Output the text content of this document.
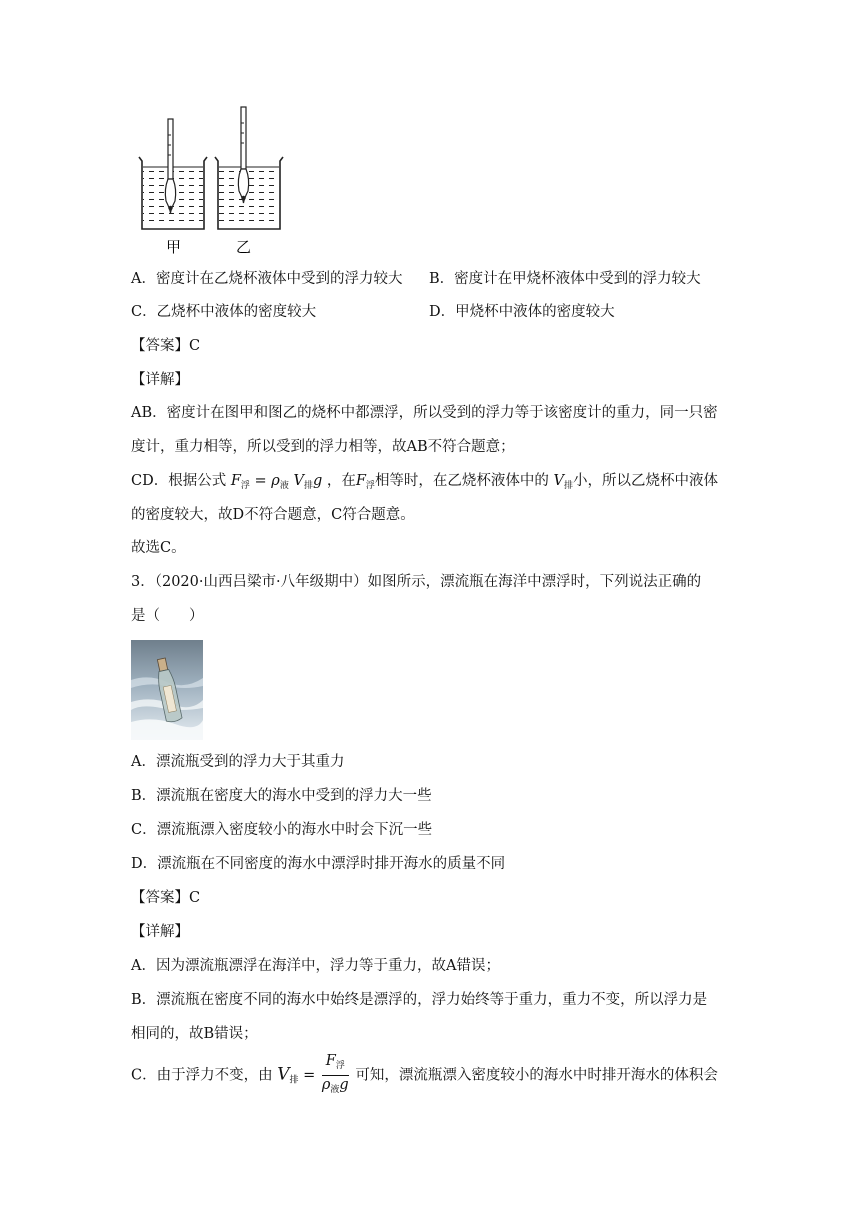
甲	乙
A．密度计在乙烧杯液体中受到的浮力较大 B．密度计在甲烧杯液体中受到的浮力较大
C．乙烧杯中液体的密度较大	D．甲烧杯中液体的密度较大
【答案】C
【详解】
AB．密度计在图甲和图乙的烧杯中都漂浮，所以受到的浮力等于该密度计的重力，同一只密
度计，重力相等，所以受到的浮力相等，故AB不符合题意；
CD．根据公式 $F_浮 = \rho_液$ $V_排g$ ，在$F_浮$相等时，在乙烧杯液体中的 $V_排$小，所以乙烧杯中液体
的密度较大，故D不符合题意，C符合题意。
故选C。
3．（2020·山西吕梁市·八年级期中）如图所示，漂流瓶在海洋中漂浮时，下列说法正确的
是（　　）
A．漂流瓶受到的浮力大于其重力
B．漂流瓶在密度大的海水中受到的浮力大一些
C．漂流瓶漂入密度较小的海水中时会下沉一些
D．漂流瓶在不同密度的海水中漂浮时排开海水的质量不同
【答案】C
【详解】
A．因为漂流瓶漂浮在海洋中，浮力等于重力，故A错误；
B．漂流瓶在密度不同的海水中始终是漂浮的，浮力始终等于重力，重力不变，所以浮力是
相同的，故B错误；
C．由于浮力不变，由 $V_排 = \frac{F_浮}{\rho_液g}$ 可知，漂流瓶漂入密度较小的海水中时排开海水的体积会
